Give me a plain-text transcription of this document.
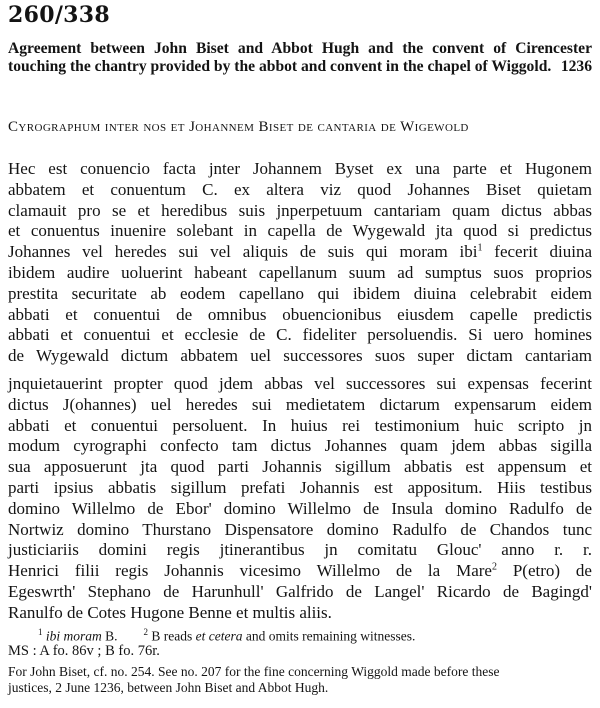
260/338
Agreement between John Biset and Abbot Hugh and the convent of Cirencester touching the chantry provided by the abbot and convent in the chapel of Wiggold. 1236
Cyrographum inter nos et Johannem Biset de cantaria de Wigewold
Hec est conuencio facta jnter Johannem Byset ex una parte et Hugonem
abbatem et conuentum C. ex altera viz quod Johannes Biset quietam
clamauit pro se et heredibus suis jnperpetuum cantariam quam dictus abbas
et conuentus inuenire solebant in capella de Wygewald jta quod si predictus
Johannes vel heredes sui vel aliquis de suis qui moram ibi$^1$ fecerit diuina
ibidem audire uoluerint habeant capellanum suum ad sumptus suos proprios
prestita securitate ab eodem capellano qui ibidem diuina celebrabit eidem
abbati et conuentui de omnibus obuencionibus eiusdem capelle predictis
abbati et conuentui et ecclesie de C. fideliter persoluendis. Si uero homines
de Wygewald dictum abbatem uel successores suos super dictam cantariam
jnquietauerint propter quod jdem abbas vel successores sui expensas fecerint
dictus J(ohannes) uel heredes sui medietatem dictarum expensarum eidem
abbati et conuentui persoluent. In huius rei testimonium huic scripto jn
modum cyrographi confecto tam dictus Johannes quam jdem abbas sigilla
sua apposuerunt jta quod parti Johannis sigillum abbatis est appensum et
parti ipsius abbatis sigillum prefati Johannis est appositum. Hiis testibus
domino Willelmo de Ebor' domino Willelmo de Insula domino Radulfo de
Nortwiz domino Thurstano Dispensatore domino Radulfo de Chandos tunc
justiciariis domini regis jtinerantibus jn comitatu Glouc' anno r. r.
Henrici filii regis Johannis vicesimo Willelmo de la Mare$^2$ P(etro) de
Egeswrth' Stephano de Harunhull' Galfrido de Langel' Ricardo de Bagingd'
Ranulfo de Cotes Hugone Benne et multis aliis.
$^1$ ibi moram B.	$^2$ B reads et cetera and omits remaining witnesses.
MS : A fo. 86v ; B fo. 76r.
For John Biset, cf. no. 254. See no. 207 for the fine concerning Wiggold made before these
justices, 2 June 1236, between John Biset and Abbot Hugh.
